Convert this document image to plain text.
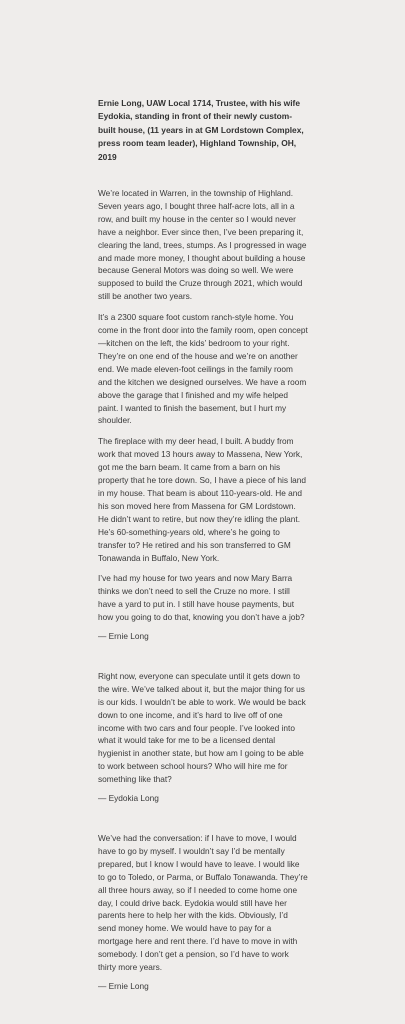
Ernie Long, UAW Local 1714, Trustee, with his wife Eydokia, standing in front of their newly custom-built house, (11 years in at GM Lordstown Complex, press room team leader), Highland Township, OH, 2019

We’re located in Warren, in the township of Highland. Seven years ago, I bought three half-acre lots, all in a row, and built my house in the center so I would never have a neighbor. Ever since then, I’ve been preparing it, clearing the land, trees, stumps. As I progressed in wage and made more money, I thought about building a house because General Motors was doing so well. We were supposed to build the Cruze through 2021, which would still be another two years.

It’s a 2300 square foot custom ranch-style home. You come in the front door into the family room, open concept—kitchen on the left, the kids’ bedroom to your right. They’re on one end of the house and we’re on another end. We made eleven-foot ceilings in the family room and the kitchen we designed ourselves. We have a room above the garage that I finished and my wife helped paint. I wanted to finish the basement, but I hurt my shoulder.

The fireplace with my deer head, I built. A buddy from work that moved 13 hours away to Massena, New York, got me the barn beam. It came from a barn on his property that he tore down. So, I have a piece of his land in my house. That beam is about 110-years-old. He and his son moved here from Massena for GM Lordstown. He didn’t want to retire, but now they’re idling the plant. He’s 60-something-years old, where’s he going to transfer to? He retired and his son transferred to GM Tonawanda in Buffalo, New York.

I’ve had my house for two years and now Mary Barra thinks we don’t need to sell the Cruze no more. I still have a yard to put in. I still have house payments, but how you going to do that, knowing you don’t have a job?

— Ernie Long

Right now, everyone can speculate until it gets down to the wire. We’ve talked about it, but the major thing for us is our kids. I wouldn’t be able to work. We would be back down to one income, and it’s hard to live off of one income with two cars and four people. I’ve looked into what it would take for me to be a licensed dental hygienist in another state, but how am I going to be able to work between school hours? Who will hire me for something like that?

— Eydokia Long

We’ve had the conversation: if I have to move, I would have to go by myself. I wouldn’t say I’d be mentally prepared, but I know I would have to leave. I would like to go to Toledo, or Parma, or Buffalo Tonawanda. They’re all three hours away, so if I needed to come home one day, I could drive back. Eydokia would still have her parents here to help her with the kids. Obviously, I’d send money home. We would have to pay for a mortgage here and rent there. I’d have to move in with somebody. I don’t get a pension, so I’d have to work thirty more years.

— Ernie Long
